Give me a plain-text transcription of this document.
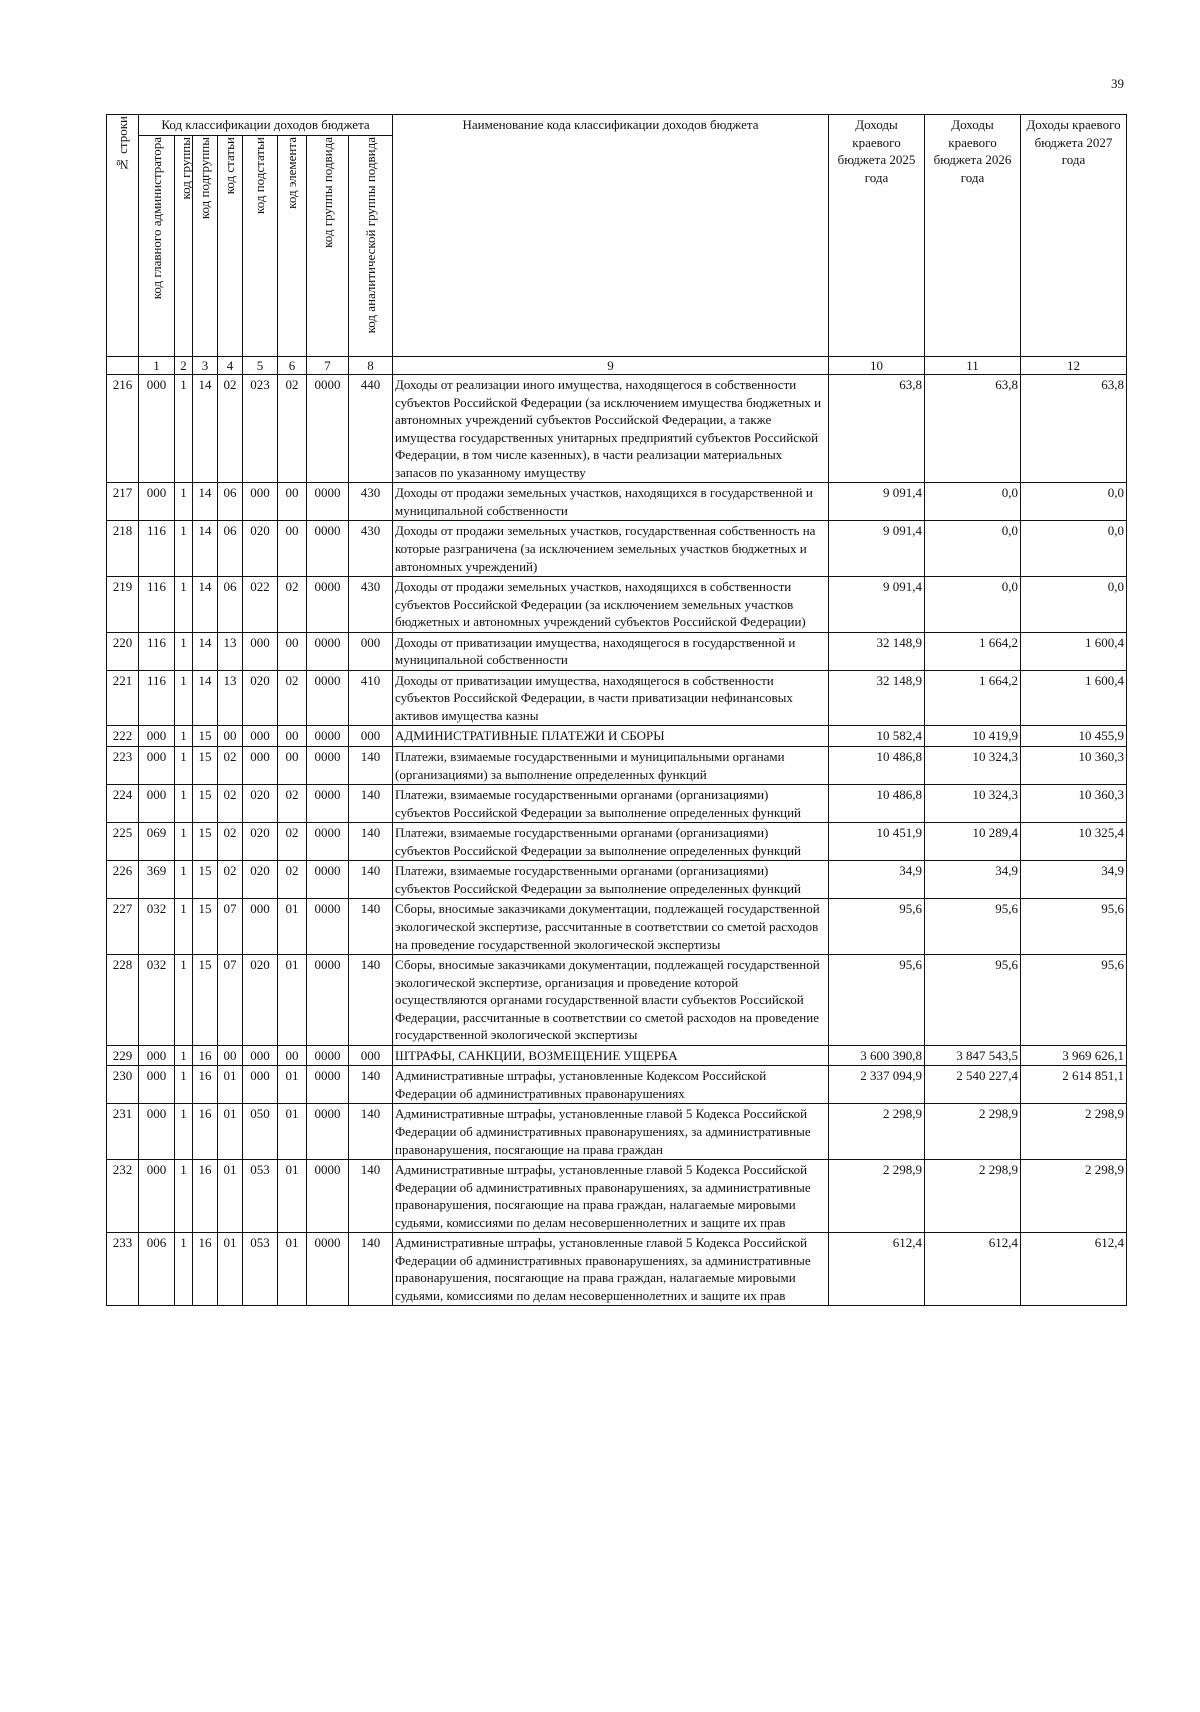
39
№ строки	Код классификации доходов бюджета								Наименование кода классификации доходов бюджета	Доходы краевого бюджета 2025 года	Доходы краевого бюджета 2026 года	Доходы краевого бюджета 2027 года

	код главного администратора	код группы	код подгруппы	код статьи	код подстатьи	код элемента	код группы подвида	код аналитической группы подвида				

	1	2	3	4	5	6	7	8	9	10	11	12
216	000	1	14	02	023	02	0000	440	Доходы от реализации иного имущества, находящегося в собственности субъектов Российской Федерации (за исключением имущества бюджетных и автономных учреждений субъектов Российской Федерации, а также имущества государственных унитарных предприятий субъектов Российской Федерации, в том числе казенных), в части реализации материальных запасов по указанному имуществу	63,8	63,8	63,8
217	000	1	14	06	000	00	0000	430	Доходы от продажи земельных участков, находящихся в государственной и муниципальной собственности	9 091,4	0,0	0,0
218	116	1	14	06	020	00	0000	430	Доходы от продажи земельных участков, государственная собственность на которые разграничена (за исключением земельных участков бюджетных и автономных учреждений)	9 091,4	0,0	0,0
219	116	1	14	06	022	02	0000	430	Доходы от продажи земельных участков, находящихся в собственности субъектов Российской Федерации (за исключением земельных участков бюджетных и автономных учреждений субъектов Российской Федерации)	9 091,4	0,0	0,0
220	116	1	14	13	000	00	0000	000	Доходы от приватизации имущества, находящегося в государственной и муниципальной собственности	32 148,9	1 664,2	1 600,4
221	116	1	14	13	020	02	0000	410	Доходы от приватизации имущества, находящегося в собственности субъектов Российской Федерации, в части приватизации нефинансовых активов имущества казны	32 148,9	1 664,2	1 600,4
222	000	1	15	00	000	00	0000	000	АДМИНИСТРАТИВНЫЕ ПЛАТЕЖИ И СБОРЫ	10 582,4	10 419,9	10 455,9
223	000	1	15	02	000	00	0000	140	Платежи, взимаемые государственными и муниципальными органами (организациями) за выполнение определенных функций	10 486,8	10 324,3	10 360,3
224	000	1	15	02	020	02	0000	140	Платежи, взимаемые государственными органами (организациями) субъектов Российской Федерации за выполнение определенных функций	10 486,8	10 324,3	10 360,3
225	069	1	15	02	020	02	0000	140	Платежи, взимаемые государственными органами (организациями) субъектов Российской Федерации за выполнение определенных функций	10 451,9	10 289,4	10 325,4
226	369	1	15	02	020	02	0000	140	Платежи, взимаемые государственными органами (организациями) субъектов Российской Федерации за выполнение определенных функций	34,9	34,9	34,9
227	032	1	15	07	000	01	0000	140	Сборы, вносимые заказчиками документации, подлежащей государственной экологической экспертизе, рассчитанные в соответствии со сметой расходов на проведение государственной экологической экспертизы	95,6	95,6	95,6
228	032	1	15	07	020	01	0000	140	Сборы, вносимые заказчиками документации, подлежащей государственной экологической экспертизе, организация и проведение которой осуществляются органами государственной власти субъектов Российской Федерации, рассчитанные в соответствии со сметой расходов на проведение государственной экологической экспертизы	95,6	95,6	95,6
229	000	1	16	00	000	00	0000	000	ШТРАФЫ, САНКЦИИ, ВОЗМЕЩЕНИЕ УЩЕРБА	3 600 390,8	3 847 543,5	3 969 626,1
230	000	1	16	01	000	01	0000	140	Административные штрафы, установленные Кодексом Российской Федерации об административных правонарушениях	2 337 094,9	2 540 227,4	2 614 851,1
231	000	1	16	01	050	01	0000	140	Административные штрафы, установленные главой 5 Кодекса Российской Федерации об административных правонарушениях, за административные правонарушения, посягающие на права граждан	2 298,9	2 298,9	2 298,9
232	000	1	16	01	053	01	0000	140	Административные штрафы, установленные главой 5 Кодекса Российской Федерации об административных правонарушениях, за административные правонарушения, посягающие на права граждан, налагаемые мировыми судьями, комиссиями по делам несовершеннолетних и защите их прав	2 298,9	2 298,9	2 298,9
233	006	1	16	01	053	01	0000	140	Административные штрафы, установленные главой 5 Кодекса Российской Федерации об административных правонарушениях, за административные правонарушения, посягающие на права граждан, налагаемые мировыми судьями, комиссиями по делам несовершеннолетних и защите их прав	612,4	612,4	612,4
